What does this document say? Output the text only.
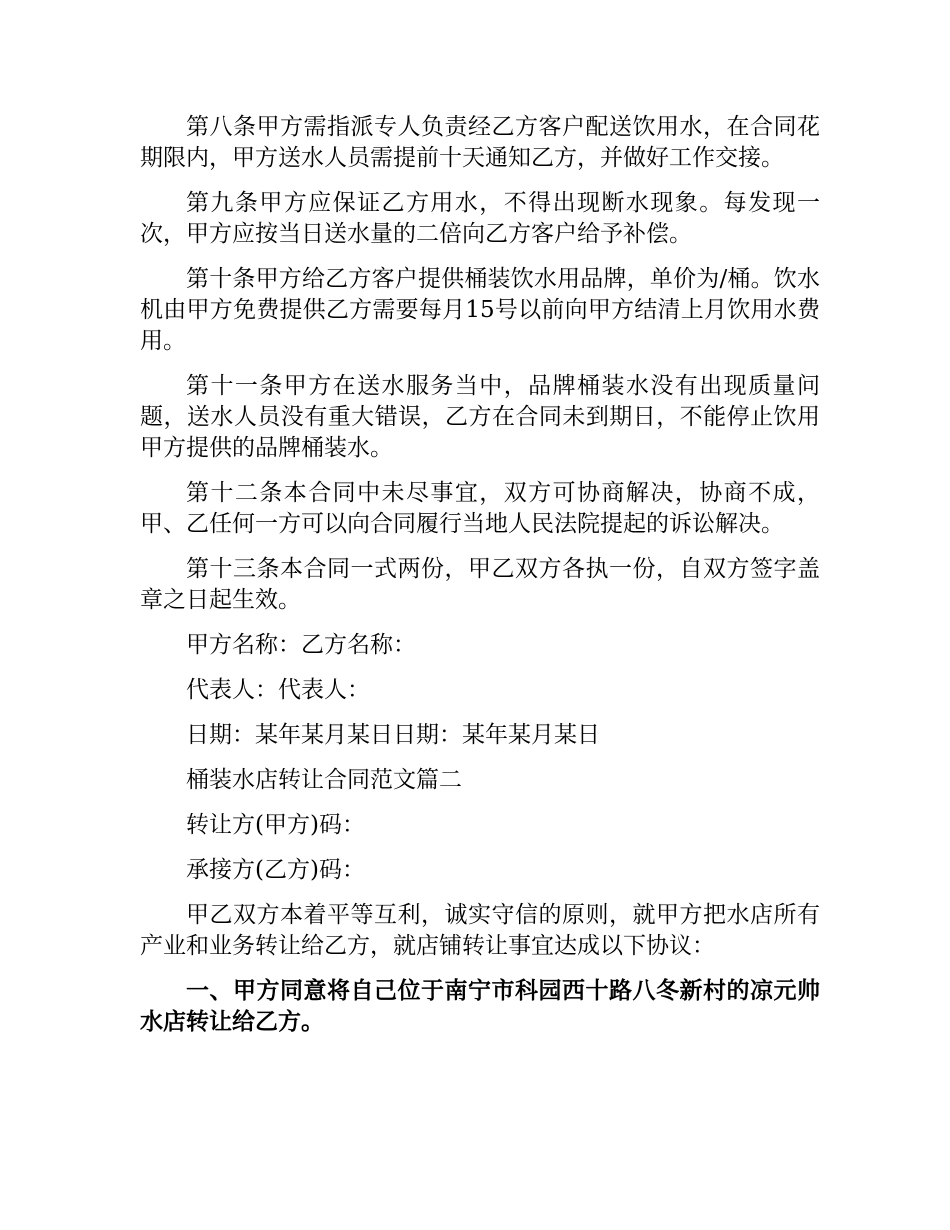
第八条甲方需指派专人负责经乙方客户配送饮用水，在合同花期限内，甲方送水人员需提前十天通知乙方，并做好工作交接。

第九条甲方应保证乙方用水，不得出现断水现象。每发现一次，甲方应按当日送水量的二倍向乙方客户给予补偿。

第十条甲方给乙方客户提供桶装饮水用品牌，单价为/桶。饮水机由甲方免费提供乙方需要每月15号以前向甲方结清上月饮用水费用。

第十一条甲方在送水服务当中，品牌桶装水没有出现质量问题，送水人员没有重大错误，乙方在合同未到期日，不能停止饮用甲方提供的品牌桶装水。

第十二条本合同中未尽事宜，双方可协商解决，协商不成，甲、乙任何一方可以向合同履行当地人民法院提起的诉讼解决。

第十三条本合同一式两份，甲乙双方各执一份，自双方签字盖章之日起生效。

甲方名称：乙方名称：

代表人：代表人：

日期：某年某月某日日期：某年某月某日

桶装水店转让合同范文篇二

转让方(甲方)码：

承接方(乙方)码：

甲乙双方本着平等互利，诚实守信的原则，就甲方把水店所有产业和业务转让给乙方，就店铺转让事宜达成以下协议：

一、甲方同意将自己位于南宁市科园西十路八冬新村的凉元帅水店转让给乙方。
